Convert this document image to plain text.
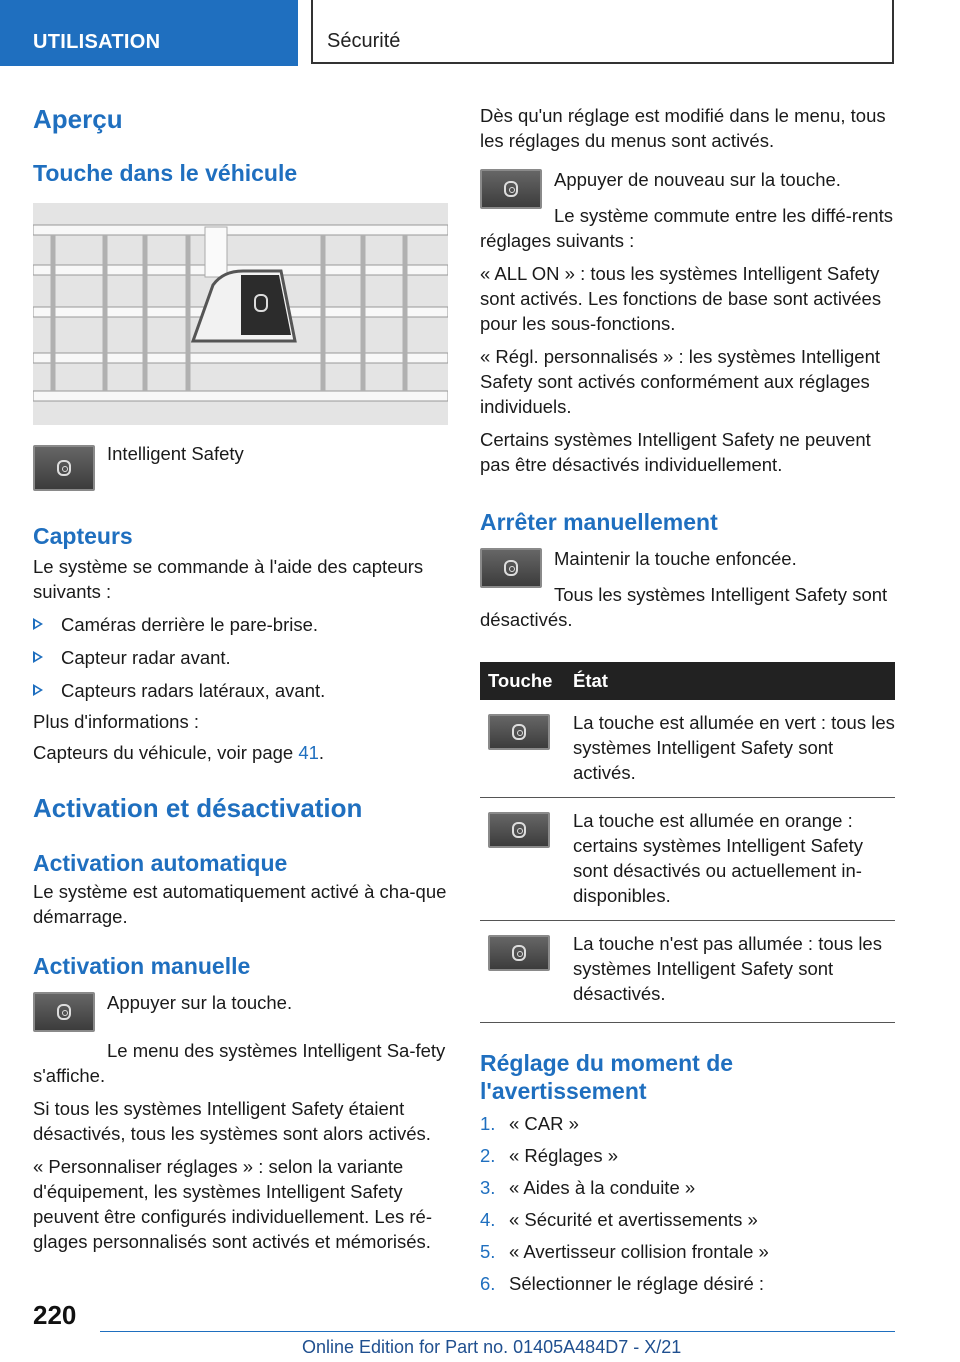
UTILISATION	Sécurité
Aperçu
Touche dans le véhicule

Intelligent Safety

Capteurs

Le système se commande à l'aide des capteurs suivants :

Caméras derrière le pare-brise.
Capteur radar avant.
Capteurs radars latéraux, avant.

Plus d'informations :

Capteurs du véhicule, voir page 41.

Activation et désactivation
Activation automatique

Le système est automatiquement activé à cha-que démarrage.

Activation manuelle

Appuyer sur la touche.

Le menu des systèmes Intelligent Sa-fety s'affiche.

Si tous les systèmes Intelligent Safety étaient désactivés, tous les systèmes sont alors activés.

« Personnaliser réglages » : selon la variante d'équipement, les systèmes Intelligent Safety peuvent être configurés individuellement. Les ré-glages personnalisés sont activés et mémorisés.

Dès qu'un réglage est modifié dans le menu, tous les réglages du menus sont activés.

Appuyer de nouveau sur la touche.

Le système commute entre les diffé-rents réglages suivants :

« ALL ON » : tous les systèmes Intelligent Safety sont activés. Les fonctions de base sont activées pour les sous-fonctions.

« Régl. personnalisés » : les systèmes Intelligent Safety sont activés conformément aux réglages individuels.

Certains systèmes Intelligent Safety ne peuvent pas être désactivés individuellement.

Arrêter manuellement

Maintenir la touche enfoncée.

Tous les systèmes Intelligent Safety sont désactivés.

Touche	État
La touche est allumée en vert : tous les systèmes Intelligent Safety sont activés.
La touche est allumée en orange : certains systèmes Intelligent Safety sont désactivés ou actuellement in-disponibles.
La touche n'est pas allumée : tous les systèmes Intelligent Safety sont désactivés.
Réglage du moment de l'avertissement
1. « CAR »
2. « Réglages »
3. « Aides à la conduite »
4. « Sécurité et avertissements »
5. « Avertisseur collision frontale »
6. Sélectionner le réglage désiré :
220
Online Edition for Part no. 01405A484D7 - X/21
